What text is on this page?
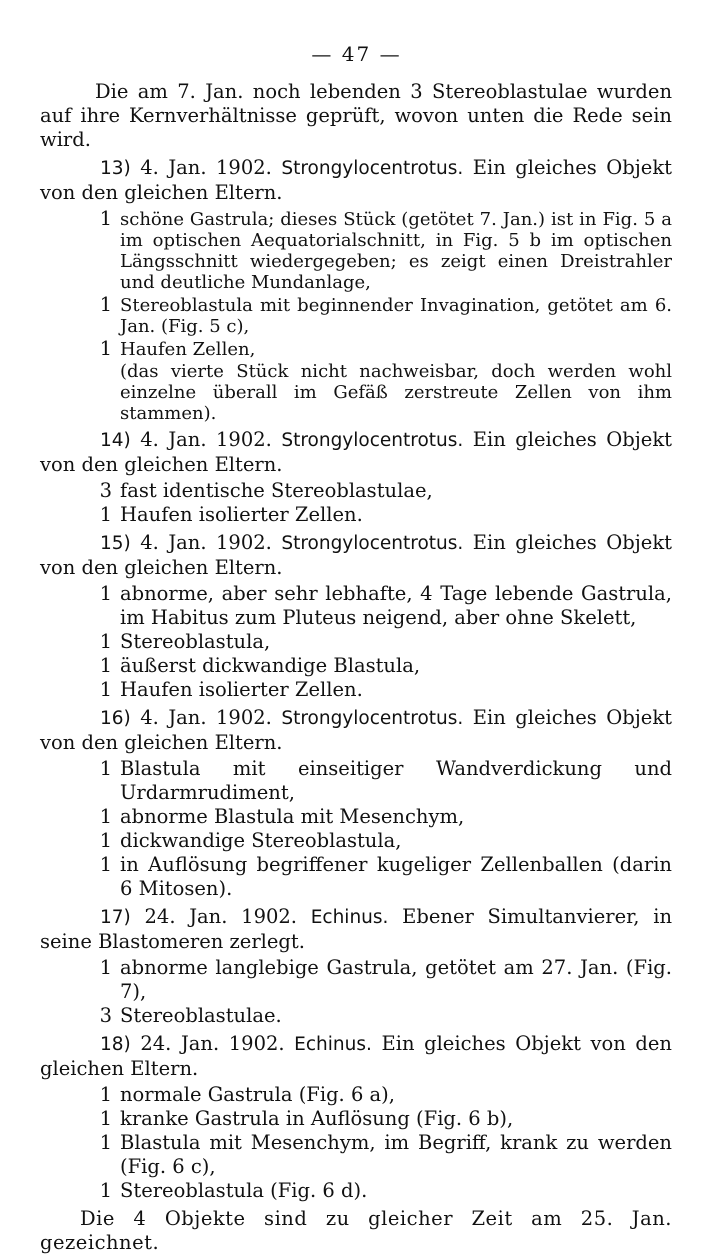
— 47 —

Die am 7. Jan. noch lebenden 3 Stereoblastulae wurden auf ihre Kernverhältnisse geprüft, wovon unten die Rede sein wird.

13) 4. Jan. 1902. Strongylocentrotus. Ein gleiches Objekt von den gleichen Eltern.

1 schöne Gastrula; dieses Stück (getötet 7. Jan.) ist in Fig. 5 a im optischen Aequatorialschnitt, in Fig. 5 b im optischen Längsschnitt wiedergegeben; es zeigt einen Dreistrahler und deutliche Mundanlage,
1 Stereoblastula mit beginnender Invagination, getötet am 6. Jan. (Fig. 5 c),
1 Haufen Zellen,
(das vierte Stück nicht nachweisbar, doch werden wohl einzelne überall im Gefäß zerstreute Zellen von ihm stammen).

14) 4. Jan. 1902. Strongylocentrotus. Ein gleiches Objekt von den gleichen Eltern.

3 fast identische Stereoblastulae,
1 Haufen isolierter Zellen.

15) 4. Jan. 1902. Strongylocentrotus. Ein gleiches Objekt von den gleichen Eltern.

1 abnorme, aber sehr lebhafte, 4 Tage lebende Gastrula, im Habitus zum Pluteus neigend, aber ohne Skelett,
1 Stereoblastula,
1 äußerst dickwandige Blastula,
1 Haufen isolierter Zellen.

16) 4. Jan. 1902. Strongylocentrotus. Ein gleiches Objekt von den gleichen Eltern.

1 Blastula mit einseitiger Wandverdickung und Urdarmrudiment,
1 abnorme Blastula mit Mesenchym,
1 dickwandige Stereoblastula,
1 in Auflösung begriffener kugeliger Zellenballen (darin 6 Mitosen).

17) 24. Jan. 1902. Echinus. Ebener Simultanvierer, in seine Blastomeren zerlegt.

1 abnorme langlebige Gastrula, getötet am 27. Jan. (Fig. 7),
3 Stereoblastulae.

18) 24. Jan. 1902. Echinus. Ein gleiches Objekt von den gleichen Eltern.

1 normale Gastrula (Fig. 6 a),
1 kranke Gastrula in Auflösung (Fig. 6 b),
1 Blastula mit Mesenchym, im Begriff, krank zu werden (Fig. 6 c),
1 Stereoblastula (Fig. 6 d).

Die 4 Objekte sind zu gleicher Zeit am 25. Jan. gezeichnet.
